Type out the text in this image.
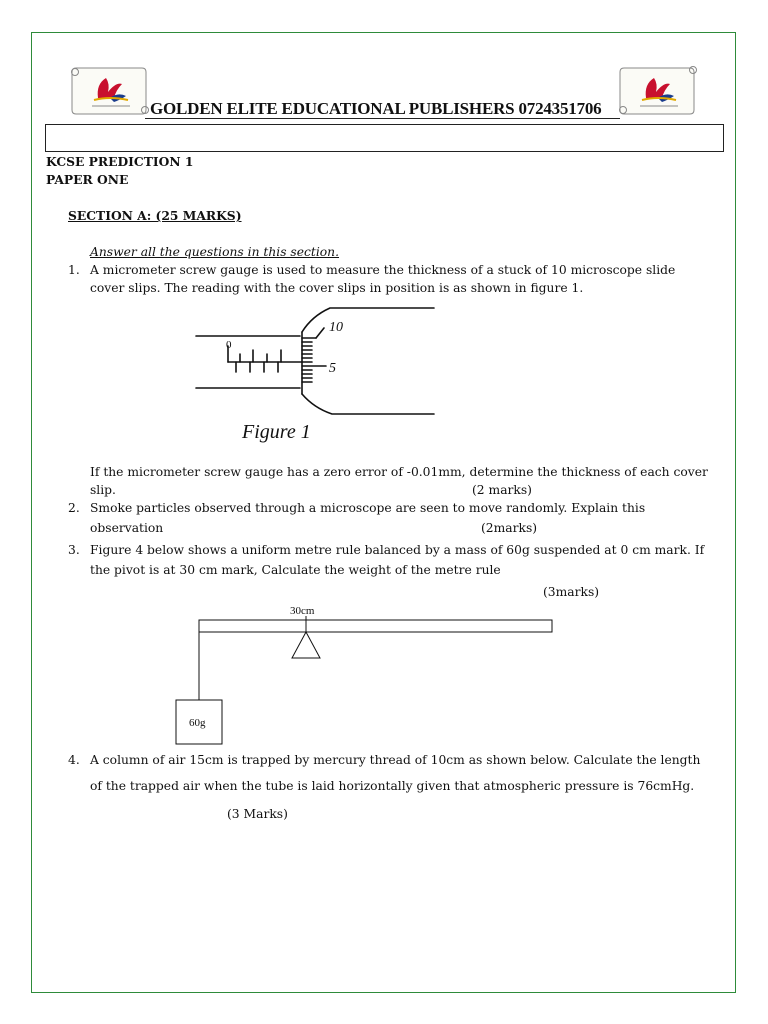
GOLDEN ELITE EDUCATIONAL PUBLISHERS 0724351706
KCSE PREDICTION 1
PAPER ONE
SECTION A: (25 MARKS)
Answer all the questions in this section.
1. A micrometer screw gauge is used to measure the thickness of a stuck of 10 microscope slide
cover slips. The reading with the cover slips in position is as shown in figure 1.
10
5
0
Figure 1
If the micrometer screw gauge has a zero error of -0.01mm, determine the thickness of each cover
slip.	(2 marks)
2. Smoke particles observed through a microscope are seen to move randomly. Explain this
observation	(2marks)
3. Figure 4 below shows a uniform metre rule balanced by a mass of 60g suspended at 0 cm mark. If
the pivot is at 30 cm mark, Calculate the weight of the metre rule
(3marks)
30cm
60g
4. A column of air 15cm is trapped by mercury thread of 10cm as shown below. Calculate the length
of the trapped air when the tube is laid horizontally given that atmospheric pressure is 76cmHg.
(3 Marks)
